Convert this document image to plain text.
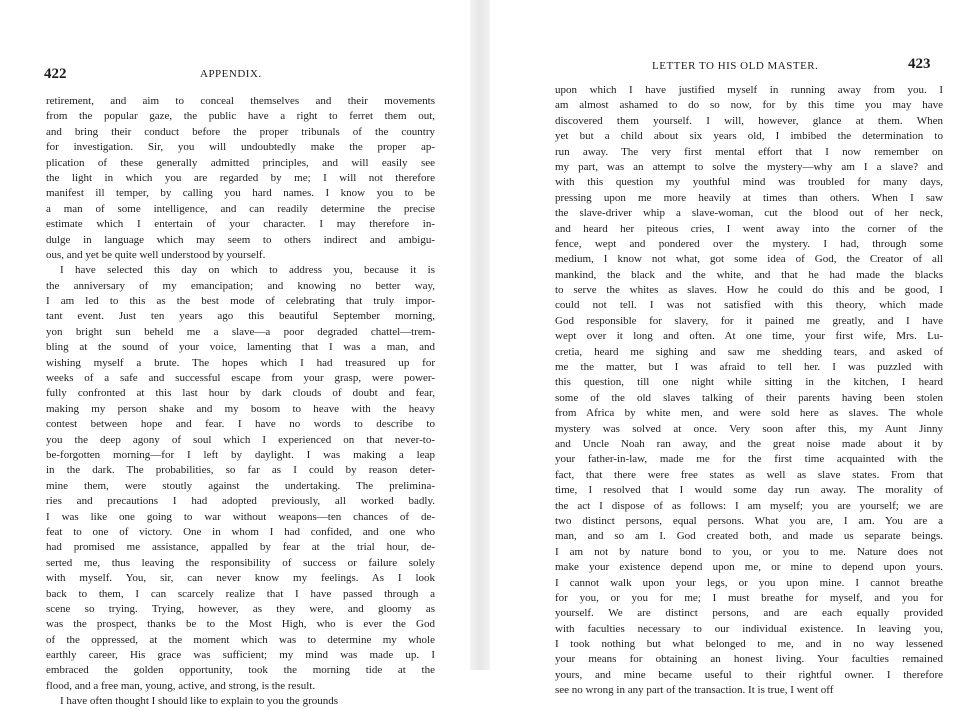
422	APPENDIX.
retirement, and aim to conceal themselves and their movements
from the popular gaze, the public have a right to ferret them out,
and bring their conduct before the proper tribunals of the country
for investigation. Sir, you will undoubtedly make the proper ap-
plication of these generally admitted principles, and will easily see
the light in which you are regarded by me; I will not therefore
manifest ill temper, by calling you hard names. I know you to be
a man of some intelligence, and can readily determine the precise
estimate which I entertain of your character. I may therefore in-
dulge in language which may seem to others indirect and ambigu-
ous, and yet be quite well understood by yourself.
I have selected this day on which to address you, because it is
the anniversary of my emancipation; and knowing no better way,
I am led to this as the best mode of celebrating that truly impor-
tant event. Just ten years ago this beautiful September morning,
yon bright sun beheld me a slave—a poor degraded chattel—trem-
bling at the sound of your voice, lamenting that I was a man, and
wishing myself a brute. The hopes which I had treasured up for
weeks of a safe and successful escape from your grasp, were power-
fully confronted at this last hour by dark clouds of doubt and fear,
making my person shake and my bosom to heave with the heavy
contest between hope and fear. I have no words to describe to
you the deep agony of soul which I experienced on that never-to-
be-forgotten morning—for I left by daylight. I was making a leap
in the dark. The probabilities, so far as I could by reason deter-
mine them, were stoutly against the undertaking. The prelimina-
ries and precautions I had adopted previously, all worked badly.
I was like one going to war without weapons—ten chances of de-
feat to one of victory. One in whom I had confided, and one who
had promised me assistance, appalled by fear at the trial hour, de-
serted me, thus leaving the responsibility of success or failure solely
with myself. You, sir, can never know my feelings. As I look
back to them, I can scarcely realize that I have passed through a
scene so trying. Trying, however, as they were, and gloomy as
was the prospect, thanks be to the Most High, who is ever the God
of the oppressed, at the moment which was to determine my whole
earthly career, His grace was sufficient; my mind was made up. I
embraced the golden opportunity, took the morning tide at the
flood, and a free man, young, active, and strong, is the result.
I have often thought I should like to explain to you the grounds
LETTER TO HIS OLD MASTER.	423
upon which I have justified myself in running away from you. I
am almost ashamed to do so now, for by this time you may have
discovered them yourself. I will, however, glance at them. When
yet but a child about six years old, I imbibed the determination to
run away. The very first mental effort that I now remember on
my part, was an attempt to solve the mystery—why am I a slave? and
with this question my youthful mind was troubled for many days,
pressing upon me more heavily at times than others. When I saw
the slave-driver whip a slave-woman, cut the blood out of her neck,
and heard her piteous cries, I went away into the corner of the
fence, wept and pondered over the mystery. I had, through some
medium, I know not what, got some idea of God, the Creator of all
mankind, the black and the white, and that he had made the blacks
to serve the whites as slaves. How he could do this and be good, I
could not tell. I was not satisfied with this theory, which made
God responsible for slavery, for it pained me greatly, and I have
wept over it long and often. At one time, your first wife, Mrs. Lu-
cretia, heard me sighing and saw me shedding tears, and asked of
me the matter, but I was afraid to tell her. I was puzzled with
this question, till one night while sitting in the kitchen, I heard
some of the old slaves talking of their parents having been stolen
from Africa by white men, and were sold here as slaves. The whole
mystery was solved at once. Very soon after this, my Aunt Jinny
and Uncle Noah ran away, and the great noise made about it by
your father-in-law, made me for the first time acquainted with the
fact, that there were free states as well as slave states. From that
time, I resolved that I would some day run away. The morality of
the act I dispose of as follows: I am myself; you are yourself; we are
two distinct persons, equal persons. What you are, I am. You are a
man, and so am I. God created both, and made us separate beings.
I am not by nature bond to you, or you to me. Nature does not
make your existence depend upon me, or mine to depend upon yours.
I cannot walk upon your legs, or you upon mine. I cannot breathe
for you, or you for me; I must breathe for myself, and you for
yourself. We are distinct persons, and are each equally provided
with faculties necessary to our individual existence. In leaving you,
I took nothing but what belonged to me, and in no way lessened
your means for obtaining an honest living. Your faculties remained
yours, and mine became useful to their rightful owner. I therefore
see no wrong in any part of the transaction. It is true, I went off
